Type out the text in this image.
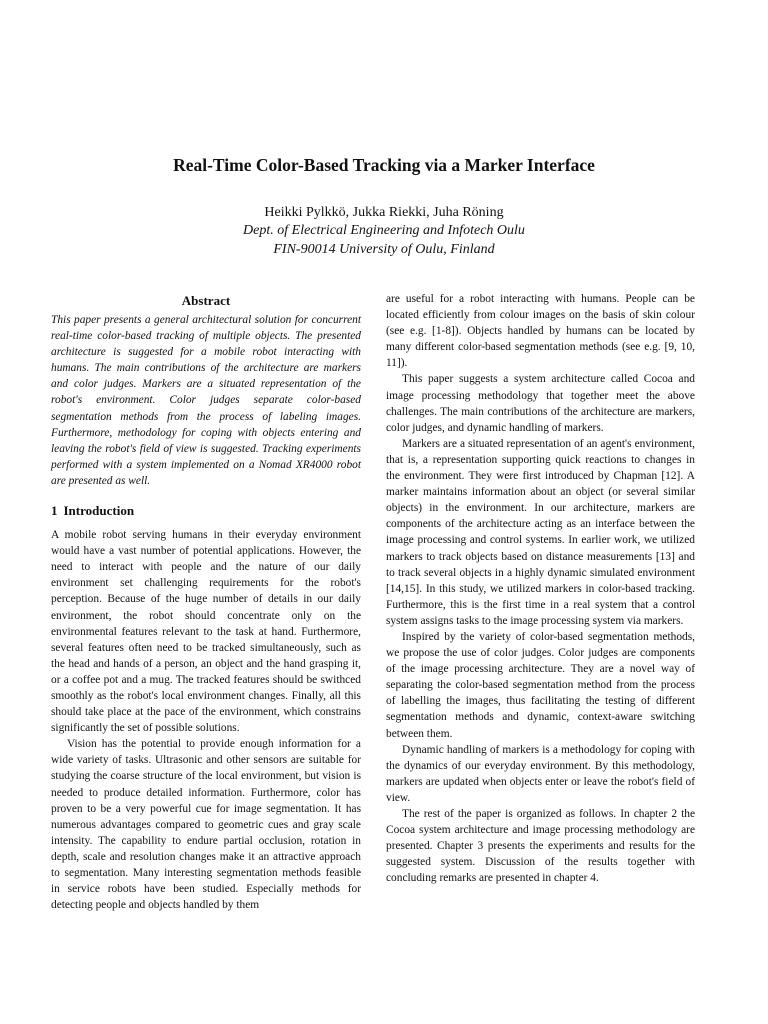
Real-Time Color-Based Tracking via a Marker Interface
Heikki Pylkkö, Jukka Riekki, Juha Röning
Dept. of Electrical Engineering and Infotech Oulu
FIN-90014 University of Oulu, Finland
Abstract

This paper presents a general architectural solution for concurrent real-time color-based tracking of multiple objects. The presented architecture is suggested for a mobile robot interacting with humans. The main contributions of the architecture are markers and color judges. Markers are a situated representation of the robot's environment. Color judges separate color-based segmentation methods from the process of labeling images. Furthermore, methodology for coping with objects entering and leaving the robot's field of view is suggested. Tracking experiments performed with a system implemented on a Nomad XR4000 robot are presented as well.

1 Introduction

A mobile robot serving humans in their everyday environment would have a vast number of potential applications. However, the need to interact with people and the nature of our daily environment set challenging requirements for the robot's perception. Because of the huge number of details in our daily environment, the robot should concentrate only on the environmental features relevant to the task at hand. Furthermore, several features often need to be tracked simultaneously, such as the head and hands of a person, an object and the hand grasping it, or a coffee pot and a mug. The tracked features should be swithced smoothly as the robot's local environment changes. Finally, all this should take place at the pace of the environment, which constrains significantly the set of possible solutions.

Vision has the potential to provide enough information for a wide variety of tasks. Ultrasonic and other sensors are suitable for studying the coarse structure of the local environment, but vision is needed to produce detailed information. Furthermore, color has proven to be a very powerful cue for image segmentation. It has numerous advantages compared to geometric cues and gray scale intensity. The capability to endure partial occlusion, rotation in depth, scale and resolution changes make it an attractive approach to segmentation. Many interesting segmentation methods feasible in service robots have been studied. Especially methods for detecting people and objects handled by them

are useful for a robot interacting with humans. People can be located efficiently from colour images on the basis of skin colour (see e.g. [1-8]). Objects handled by humans can be located by many different color-based segmentation methods (see e.g. [9, 10, 11]).

This paper suggests a system architecture called Cocoa and image processing methodology that together meet the above challenges. The main contributions of the architecture are markers, color judges, and dynamic handling of markers.

Markers are a situated representation of an agent's environment, that is, a representation supporting quick reactions to changes in the environment. They were first introduced by Chapman [12]. A marker maintains information about an object (or several similar objects) in the environment. In our architecture, markers are components of the architecture acting as an interface between the image processing and control systems. In earlier work, we utilized markers to track objects based on distance measurements [13] and to track several objects in a highly dynamic simulated environment [14,15]. In this study, we utilized markers in color-based tracking. Furthermore, this is the first time in a real system that a control system assigns tasks to the image processing system via markers.

Inspired by the variety of color-based segmentation methods, we propose the use of color judges. Color judges are components of the image processing architecture. They are a novel way of separating the color-based segmentation method from the process of labelling the images, thus facilitating the testing of different segmentation methods and dynamic, context-aware switching between them.

Dynamic handling of markers is a methodology for coping with the dynamics of our everyday environment. By this methodology, markers are updated when objects enter or leave the robot's field of view.

The rest of the paper is organized as follows. In chapter 2 the Cocoa system architecture and image processing methodology are presented. Chapter 3 presents the experiments and results for the suggested system. Discussion of the results together with concluding remarks are presented in chapter 4.
